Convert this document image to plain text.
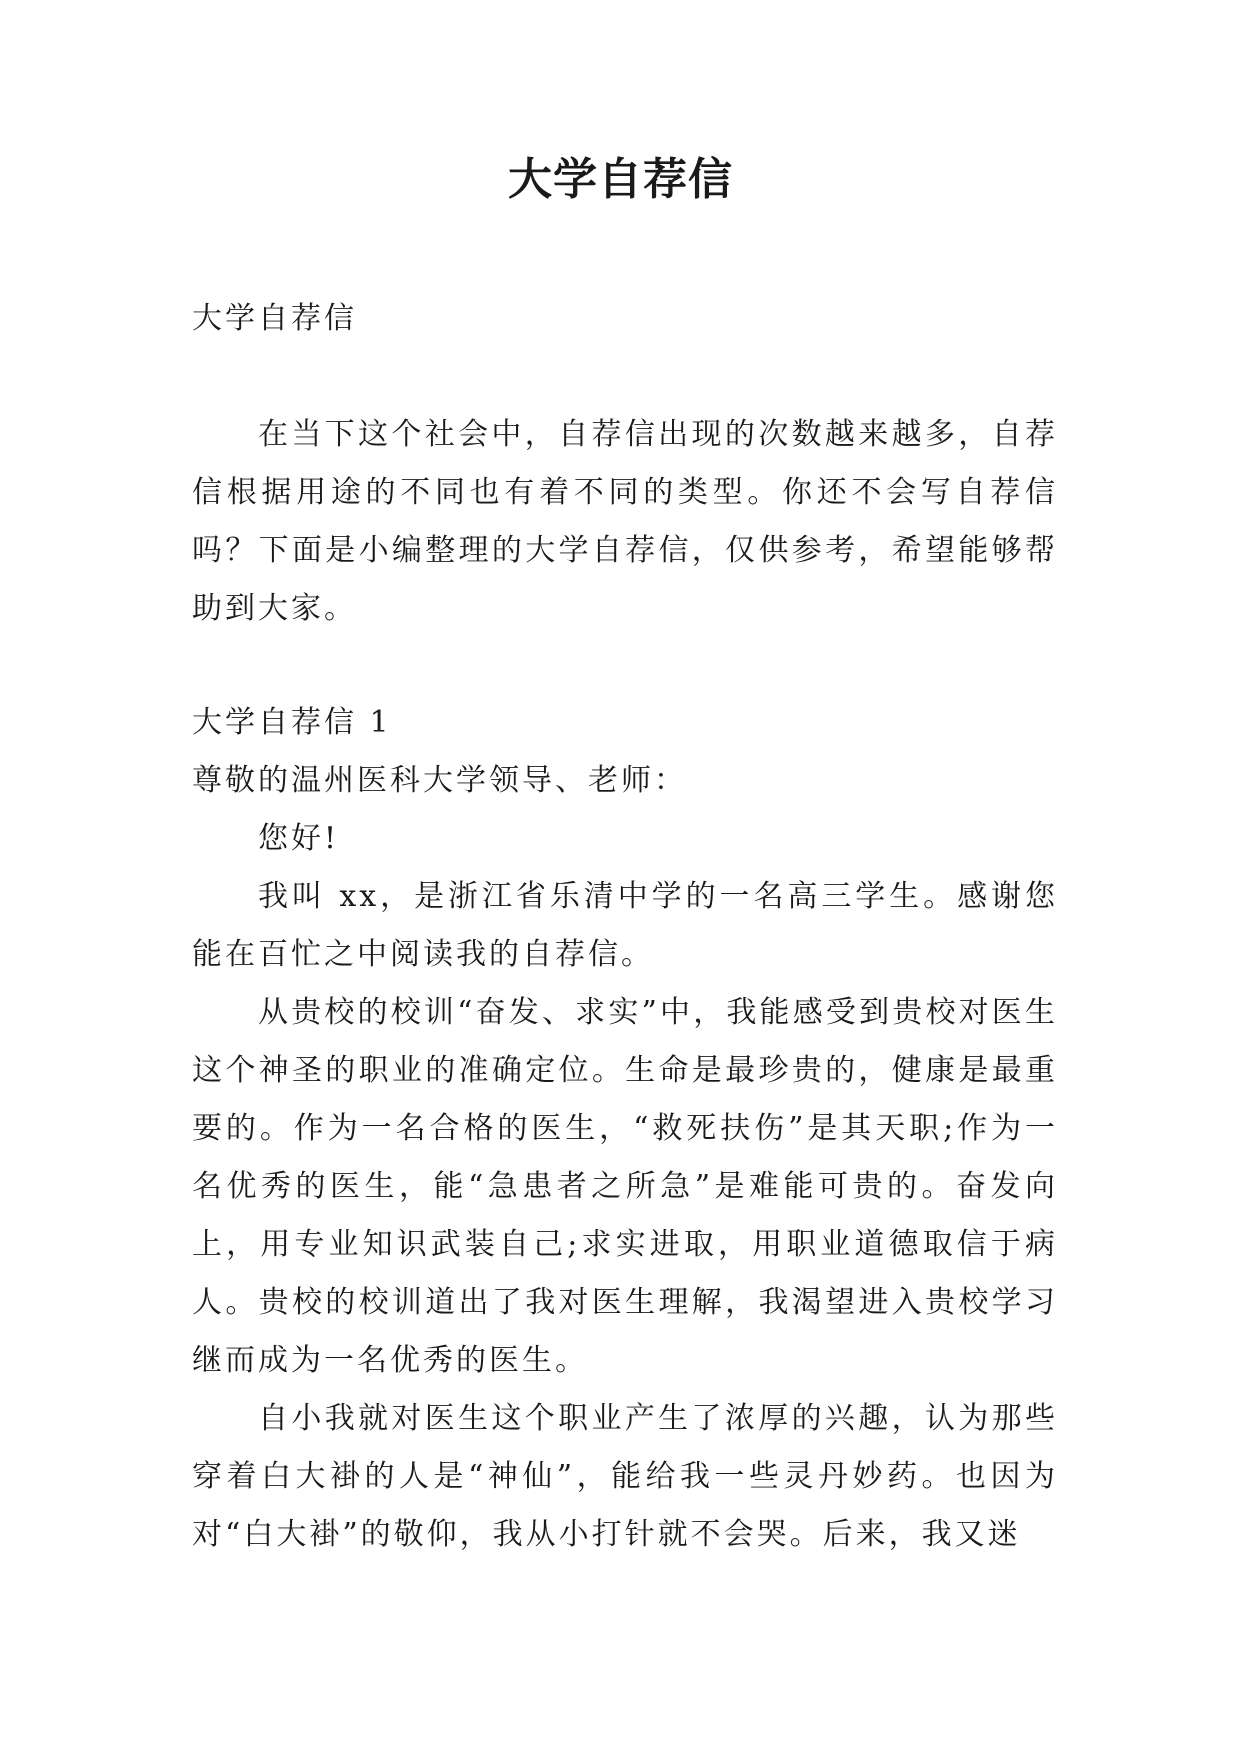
大学自荐信

大学自荐信

在当下这个社会中，自荐信出现的次数越来越多，自荐信根据用途的不同也有着不同的类型。你还不会写自荐信吗？下面是小编整理的大学自荐信，仅供参考，希望能够帮助到大家。

大学自荐信 1

尊敬的温州医科大学领导、老师：

您好!

我叫 xx，是浙江省乐清中学的一名高三学生。感谢您能在百忙之中阅读我的自荐信。

从贵校的校训“奋发、求实”中，我能感受到贵校对医生这个神圣的职业的准确定位。生命是最珍贵的，健康是最重要的。作为一名合格的医生，“救死扶伤”是其天职;作为一名优秀的医生，能“急患者之所急”是难能可贵的。奋发向上，用专业知识武装自己;求实进取，用职业道德取信于病人。贵校的校训道出了我对医生理解，我渴望进入贵校学习继而成为一名优秀的医生。

自小我就对医生这个职业产生了浓厚的兴趣，认为那些穿着白大褂的人是“神仙”，能给我一些灵丹妙药。也因为对“白大褂”的敬仰，我从小打针就不会哭。后来，我又迷
